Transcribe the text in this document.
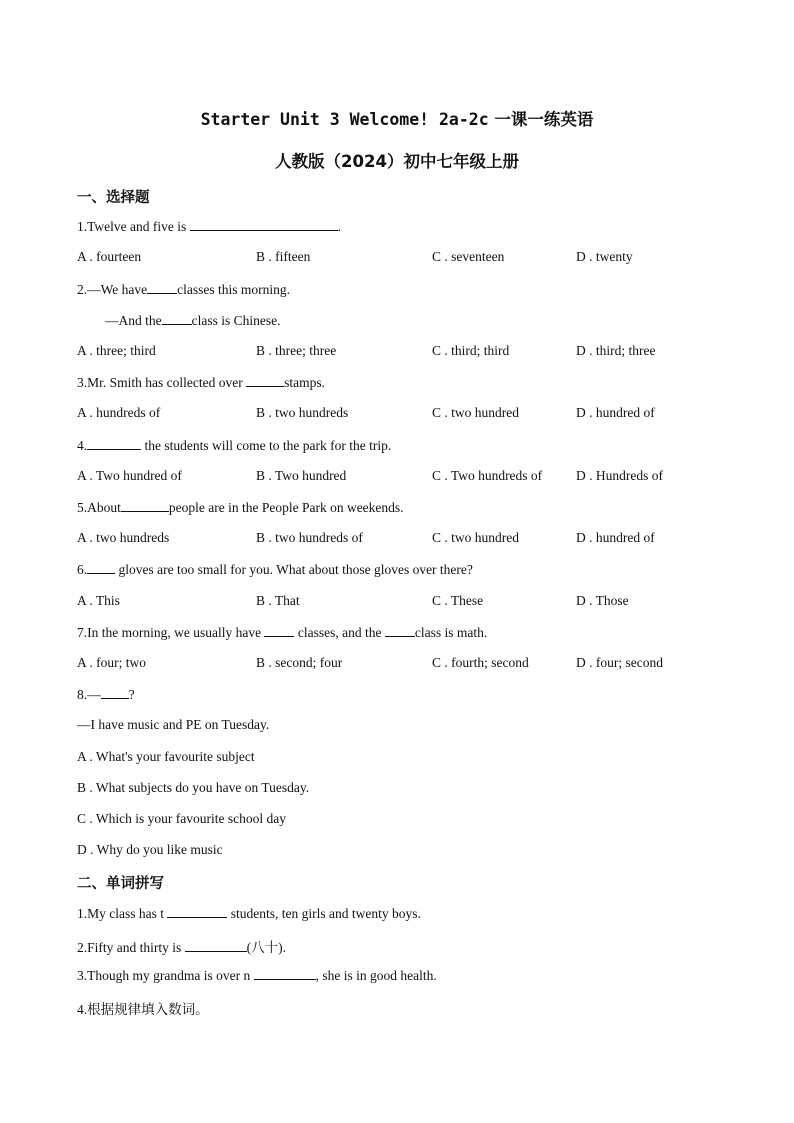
Starter Unit 3 Welcome! 2a-2c 一课一练英语
人教版（2024）初中七年级上册
一、选择题
1.Twelve and five is	.
A . fourteen	B . fifteen	C . seventeen	D . twenty
2.—We have classes this morning.
—And the class is Chinese.
A . three; third	B . three; three	C . third; third	D . third; three
3.Mr. Smith has collected over	stamps.
A . hundreds of	B . two hundreds	C . two hundred	D . hundred of
4.	the students will come to the park for the trip.
A . Two hundred of	B . Two hundred	C . Two hundreds of	D . Hundreds of
5.About	people are in the People Park on weekends.
A . two hundreds	B . two hundreds of	C . two hundred	D . hundred of
6. gloves are too small for you. What about those gloves over there?
A . This	B . That	C . These	D . Those
7.In the morning, we usually have  classes, and the class is math.
A . four; two	B . second; four	C . fourth; second	D . four; second
8.— ?
—I have music and PE on Tuesday.
A . What's your favourite subject
B . What subjects do you have on Tuesday.
C . Which is your favourite school day
D . Why do you like music
二、单词拼写
1.My class has t	students, ten girls and twenty boys.
2.Fifty and thirty is	(八十).
3.Though my grandma is over n	, she is in good health.
4.根据规律填入数词。
